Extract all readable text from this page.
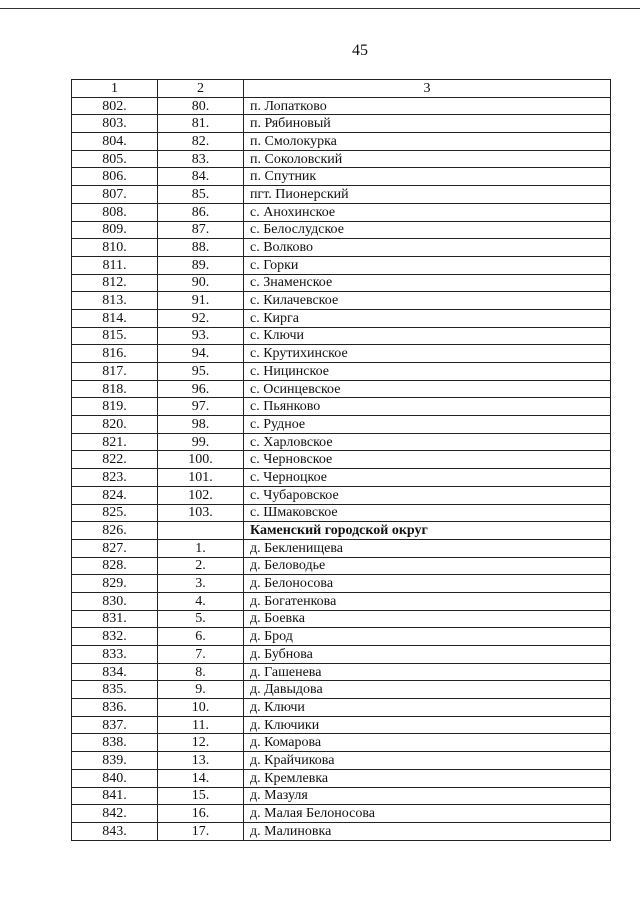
45
1	2	3
802.	80.	п. Лопатково
803.	81.	п. Рябиновый
804.	82.	п. Смолокурка
805.	83.	п. Соколовский
806.	84.	п. Спутник
807.	85.	пгт. Пионерский
808.	86.	с. Анохинское
809.	87.	с. Белослудское
810.	88.	с. Волково
811.	89.	с. Горки
812.	90.	с. Знаменское
813.	91.	с. Килачевское
814.	92.	с. Кирга
815.	93.	с. Ключи
816.	94.	с. Крутихинское
817.	95.	с. Ницинское
818.	96.	с. Осинцевское
819.	97.	с. Пьянково
820.	98.	с. Рудное
821.	99.	с. Харловское
822.	100.	с. Черновское
823.	101.	с. Черноцкое
824.	102.	с. Чубаровское
825.	103.	с. Шмаковское
826.		Каменский городской округ
827.	1.	д. Бекленищева
828.	2.	д. Беловодье
829.	3.	д. Белоносова
830.	4.	д. Богатенкова
831.	5.	д. Боевка
832.	6.	д. Брод
833.	7.	д. Бубнова
834.	8.	д. Гашенева
835.	9.	д. Давыдова
836.	10.	д. Ключи
837.	11.	д. Ключики
838.	12.	д. Комарова
839.	13.	д. Крайчикова
840.	14.	д. Кремлевка
841.	15.	д. Мазуля
842.	16.	д. Малая Белоносова
843.	17.	д. Малиновка
